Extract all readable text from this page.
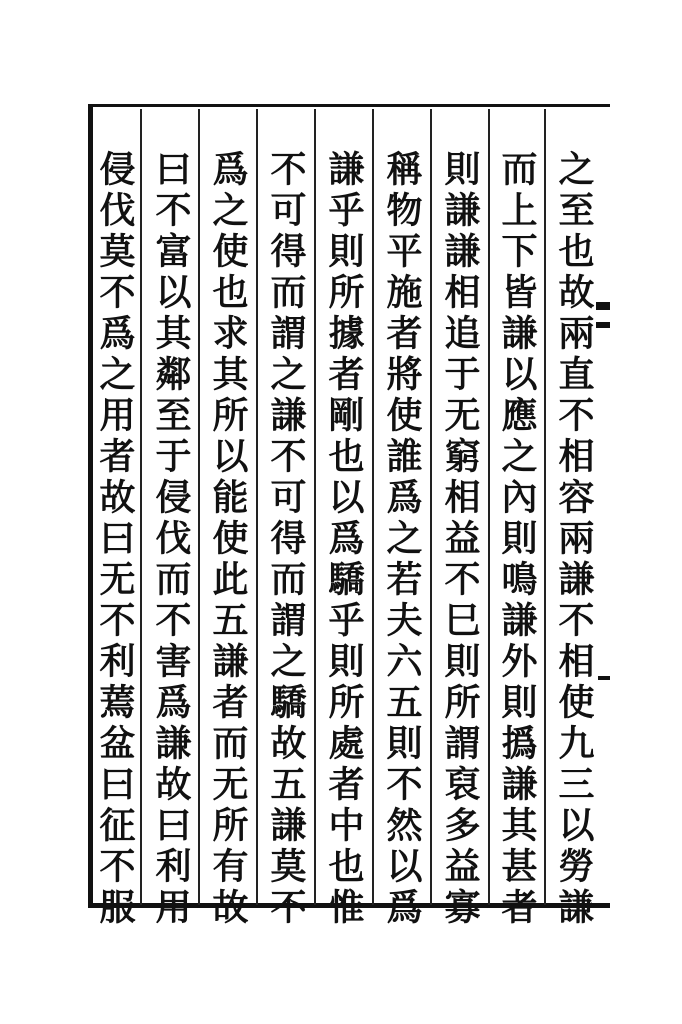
之至也故兩直不相容兩謙不相使九三以勞謙
而上下皆謙以應之內則鳴謙外則撝謙其甚者
則謙謙相追于无窮相益不巳則所謂裒多益寡
稱物平施者將使誰爲之若夫六五則不然以爲
謙乎則所據者剛也以爲驕乎則所處者中也惟
不可得而謂之謙不可得而謂之驕故五謙莫不
爲之使也求其所以能使此五謙者而无所有故
曰不富以其鄰至于侵伐而不害爲謙故曰利用
侵伐莫不爲之用者故曰无不利蔫盆曰征不服
